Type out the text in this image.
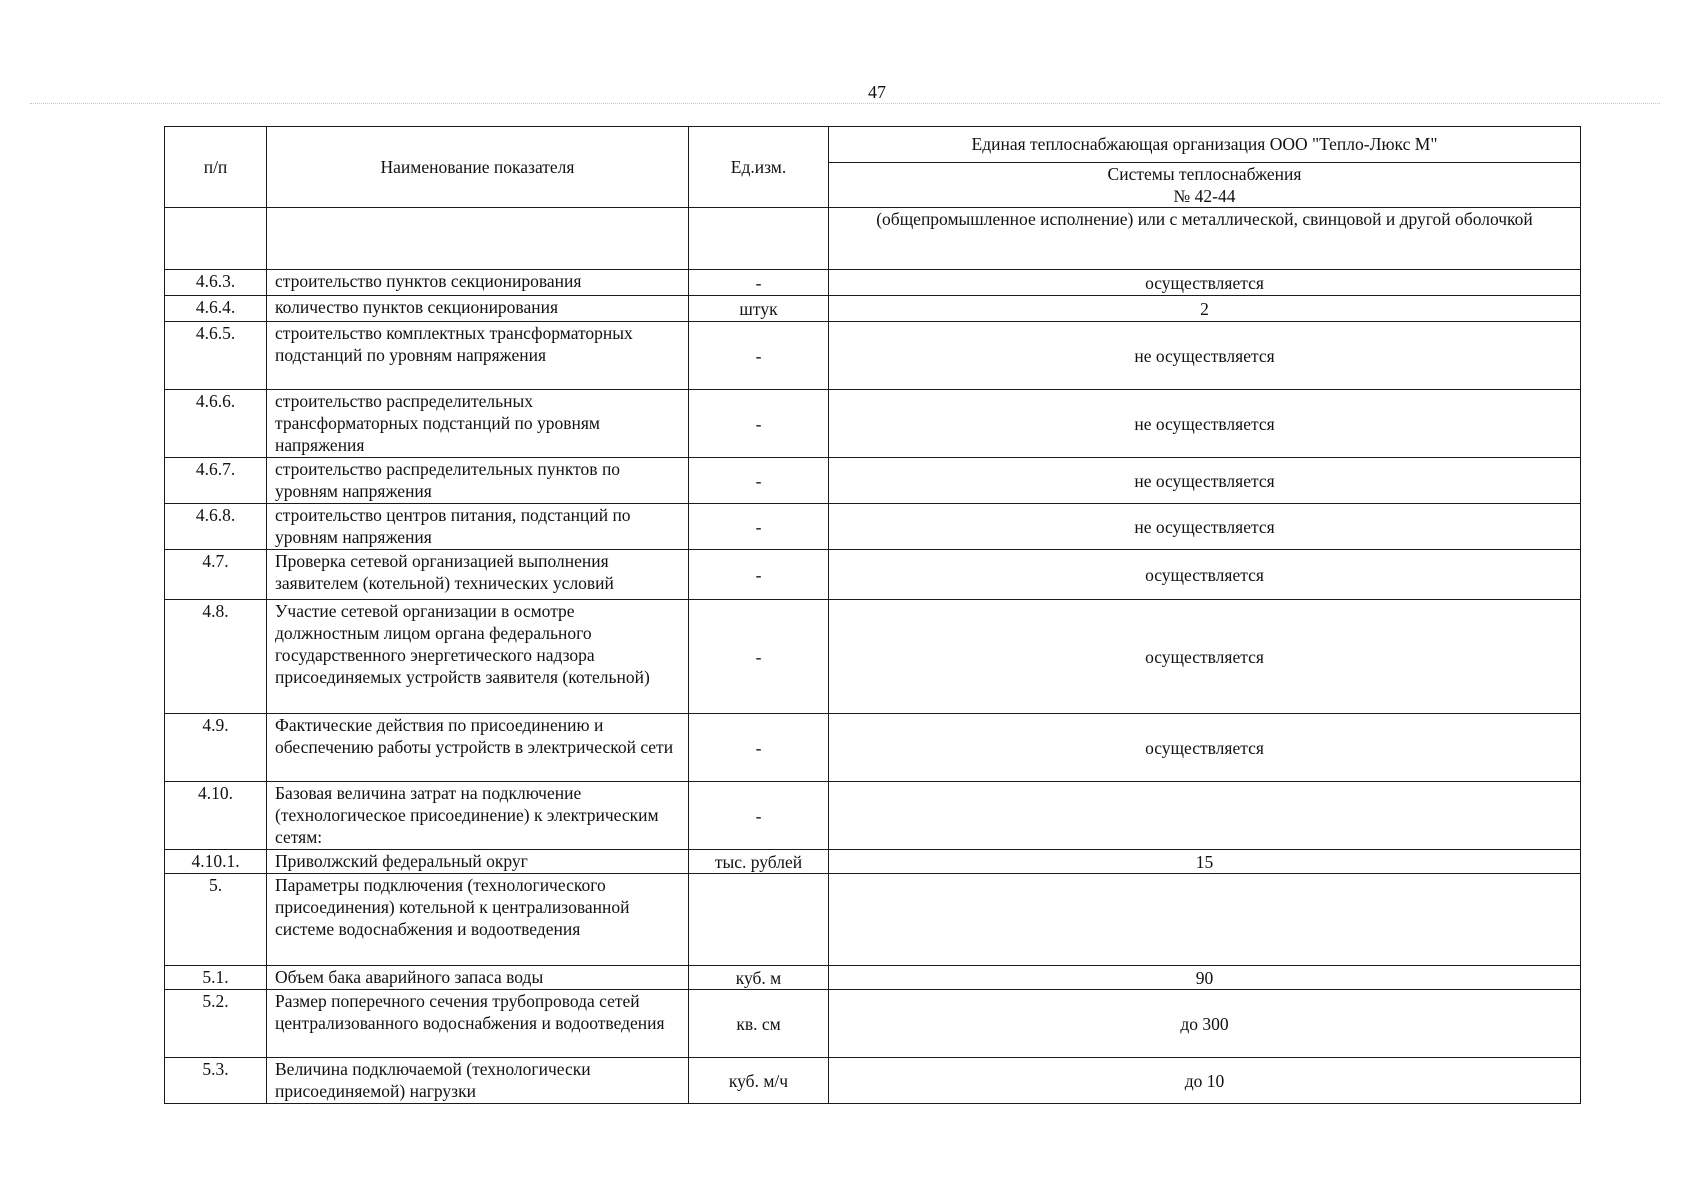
47
п/п	Наименование показателя	Ед.изм.	Единая теплоснабжающая организация ООО "Тепло-Люкс М"

			Системы теплоснабжения
№ 42-44

			(общепромышленное исполнение) или с металлической, свинцовой и другой оболочкой
4.6.3.	строительство пунктов секционирования	-	осуществляется
4.6.4.	количество пунктов секционирования	штук	2
4.6.5.	строительство комплектных трансформаторных подстанций по уровням напряжения	-	не осуществляется
4.6.6.	строительство распределительных трансформаторных подстанций по уровням напряжения	-	не осуществляется
4.6.7.	строительство распределительных пунктов по уровням напряжения	-	не осуществляется
4.6.8.	строительство центров питания, подстанций по уровням напряжения	-	не осуществляется
4.7.	Проверка сетевой организацией выполнения заявителем (котельной) технических условий	-	осуществляется
4.8.	Участие сетевой организации в осмотре должностным лицом органа федерального государственного энергетического надзора присоединяемых устройств заявителя (котельной)	-	осуществляется
4.9.	Фактические действия по присоединению и обеспечению работы устройств в электрической сети	-	осуществляется
4.10.	Базовая величина затрат на подключение (технологическое присоединение) к электрическим сетям:	-	
4.10.1.	Приволжский федеральный округ	тыс. рублей	15
5.	Параметры подключения (технологического присоединения) котельной к централизованной системе водоснабжения и водоотведения		
5.1.	Объем бака аварийного запаса воды	куб. м	90
5.2.	Размер поперечного сечения трубопровода сетей централизованного водоснабжения и водоотведения	кв. см	до 300
5.3.	Величина подключаемой (технологически присоединяемой) нагрузки	куб. м/ч	до 10
